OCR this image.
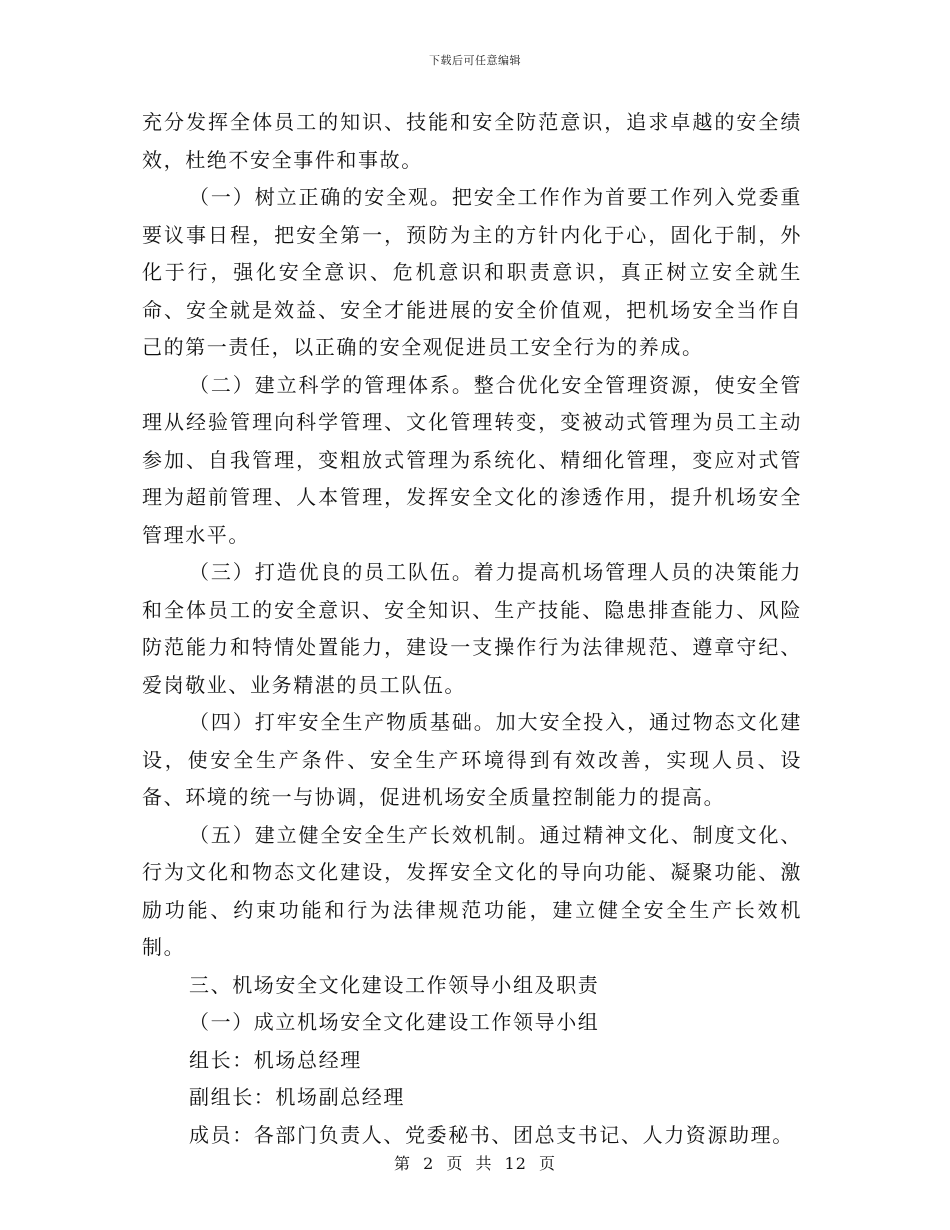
下载后可任意编辑

充分发挥全体员工的知识、技能和安全防范意识，追求卓越的安全绩效，杜绝不安全事件和事故。

（一）树立正确的安全观。把安全工作作为首要工作列入党委重要议事日程，把安全第一，预防为主的方针内化于心，固化于制，外化于行，强化安全意识、危机意识和职责意识，真正树立安全就生命、安全就是效益、安全才能进展的安全价值观，把机场安全当作自己的第一责任，以正确的安全观促进员工安全行为的养成。

（二）建立科学的管理体系。整合优化安全管理资源，使安全管理从经验管理向科学管理、文化管理转变，变被动式管理为员工主动参加、自我管理，变粗放式管理为系统化、精细化管理，变应对式管理为超前管理、人本管理，发挥安全文化的渗透作用，提升机场安全管理水平。

（三）打造优良的员工队伍。着力提高机场管理人员的决策能力和全体员工的安全意识、安全知识、生产技能、隐患排查能力、风险防范能力和特情处置能力，建设一支操作行为法律规范、遵章守纪、爱岗敬业、业务精湛的员工队伍。

（四）打牢安全生产物质基础。加大安全投入，通过物态文化建设，使安全生产条件、安全生产环境得到有效改善，实现人员、设备、环境的统一与协调，促进机场安全质量控制能力的提高。

（五）建立健全安全生产长效机制。通过精神文化、制度文化、行为文化和物态文化建设，发挥安全文化的导向功能、凝聚功能、激励功能、约束功能和行为法律规范功能，建立健全安全生产长效机制。

三、机场安全文化建设工作领导小组及职责

（一）成立机场安全文化建设工作领导小组

组长：机场总经理

副组长：机场副总经理

成员：各部门负责人、党委秘书、团总支书记、人力资源助理。

第 2 页 共 12 页
